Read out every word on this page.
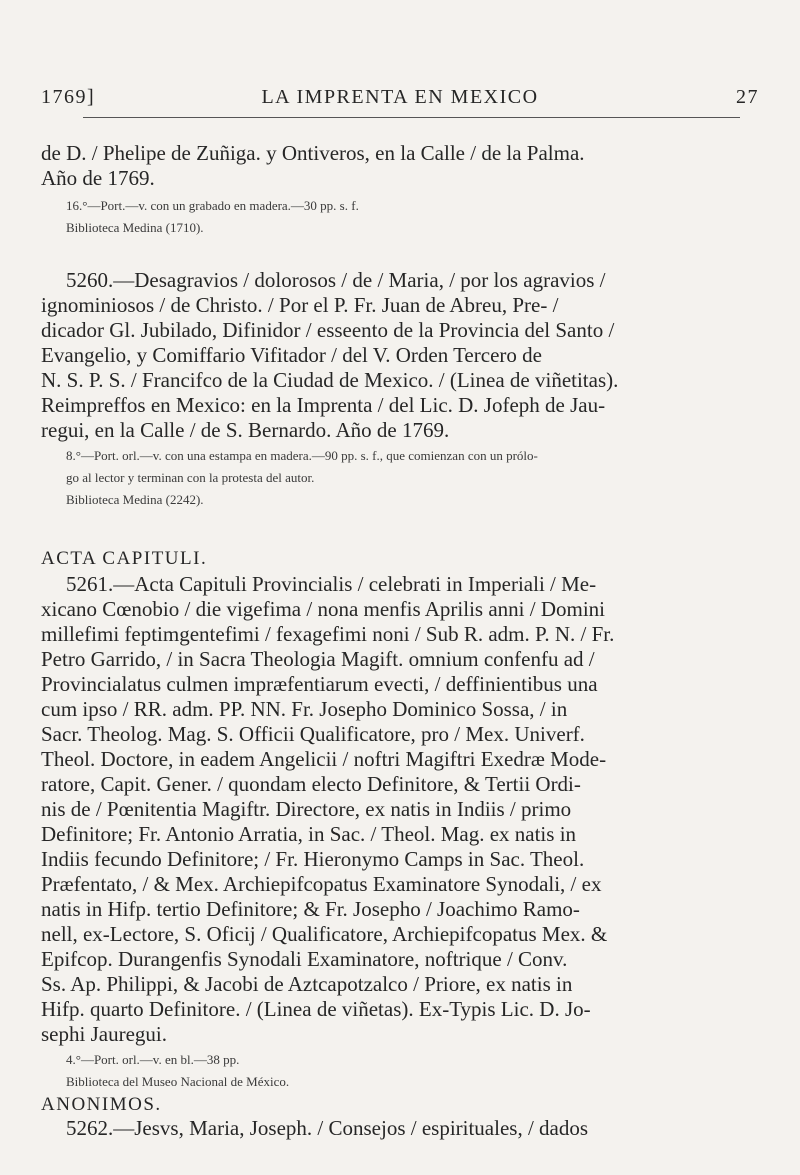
1769]	LA IMPRENTA EN MEXICO	27
de D. / Phelipe de Zuñiga. y Ontiveros, en la Calle / de la Palma.
Año de 1769.
16.°—Port.—v. con un grabado en madera.—30 pp. s. f.
Biblioteca Medina (1710).
5260.—Desagravios / dolorosos / de / Maria, / por los agravios /
ignominiosos / de Christo. / Por el P. Fr. Juan de Abreu, Pre- /
dicador Gl. Jubilado, Difinidor / esseento de la Provincia del Santo /
Evangelio, y Comiffario Vifitador / del V. Orden Tercero de
N. S. P. S. / Francifco de la Ciudad de Mexico. / (Linea de viñetitas).
Reimpreffos en Mexico: en la Imprenta / del Lic. D. Jofeph de Jau-
regui, en la Calle / de S. Bernardo. Año de 1769.
8.°—Port. orl.—v. con una estampa en madera.—90 pp. s. f., que comienzan con un prólo-
go al lector y terminan con la protesta del autor.
Biblioteca Medina (2242).
ACTA CAPITULI.
5261.—Acta Capituli Provincialis / celebrati in Imperiali / Me-
xicano Cœnobio / die vigefima / nona menfis Aprilis anni / Domini
millefimi feptimgentefimi / fexagefimi noni / Sub R. adm. P. N. / Fr.
Petro Garrido, / in Sacra Theologia Magift. omnium confenfu ad /
Provincialatus culmen impræfentiarum evecti, / deffinientibus una
cum ipso / RR. adm. PP. NN. Fr. Josepho Dominico Sossa, / in
Sacr. Theolog. Mag. S. Officii Qualificatore, pro / Mex. Univerf.
Theol. Doctore, in eadem Angelicii / noftri Magiftri Exedræ Mode-
ratore, Capit. Gener. / quondam electo Definitore, & Tertii Ordi-
nis de / Pœnitentia Magiftr. Directore, ex natis in Indiis / primo
Definitore; Fr. Antonio Arratia, in Sac. / Theol. Mag. ex natis in
Indiis fecundo Definitore; / Fr. Hieronymo Camps in Sac. Theol.
Præfentato, / & Mex. Archiepifcopatus Examinatore Synodali, / ex
natis in Hifp. tertio Definitore; & Fr. Josepho / Joachimo Ramo-
nell, ex-Lectore, S. Oficij / Qualificatore, Archiepifcopatus Mex. &
Epifcop. Durangenfis Synodali Examinatore, noftrique / Conv.
Ss. Ap. Philippi, & Jacobi de Aztcapotzalco / Priore, ex natis in
Hifp. quarto Definitore. / (Linea de viñetas). Ex-Typis Lic. D. Jo-
sephi Jauregui.
4.°—Port. orl.—v. en bl.—38 pp.
Biblioteca del Museo Nacional de México.
ANONIMOS.
5262.—Jesvs, Maria, Joseph. / Consejos / espirituales, / dados
